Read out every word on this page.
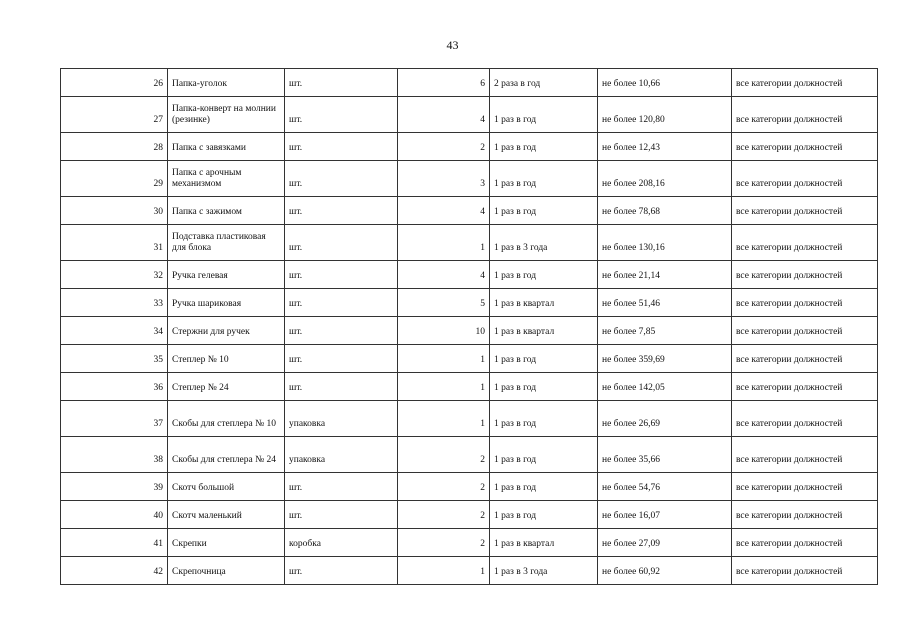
43
26	Папка-уголок	шт.	6	2 раза в год	не более 10,66	все категории должностей
27	Папка-конверт на молнии (резинке)	шт.	4	1 раз в год	не более 120,80	все категории должностей
28	Папка с завязками	шт.	2	1 раз в год	не более 12,43	все категории должностей
29	Папка с арочным механизмом	шт.	3	1 раз в год	не более 208,16	все категории должностей
30	Папка с зажимом	шт.	4	1 раз в год	не более 78,68	все категории должностей
31	Подставка пластиковая для блока	шт.	1	1 раз в 3 года	не более 130,16	все категории должностей
32	Ручка гелевая	шт.	4	1 раз в год	не более 21,14	все категории должностей
33	Ручка шариковая	шт.	5	1 раз в квартал	не более 51,46	все категории должностей
34	Стержни для ручек	шт.	10	1 раз в квартал	не более 7,85	все категории должностей
35	Степлер № 10	шт.	1	1 раз в год	не более 359,69	все категории должностей
36	Степлер № 24	шт.	1	1 раз в год	не более 142,05	все категории должностей
37	Скобы для степлера № 10	упаковка	1	1 раз в год	не более 26,69	все категории должностей
38	Скобы для степлера № 24	упаковка	2	1 раз в год	не более 35,66	все категории должностей
39	Скотч большой	шт.	2	1 раз в год	не более 54,76	все категории должностей
40	Скотч маленький	шт.	2	1 раз в год	не более 16,07	все категории должностей
41	Скрепки	коробка	2	1 раз в квартал	не более 27,09	все категории должностей
42	Скрепочница	шт.	1	1 раз в 3 года	не более 60,92	все категории должностей
